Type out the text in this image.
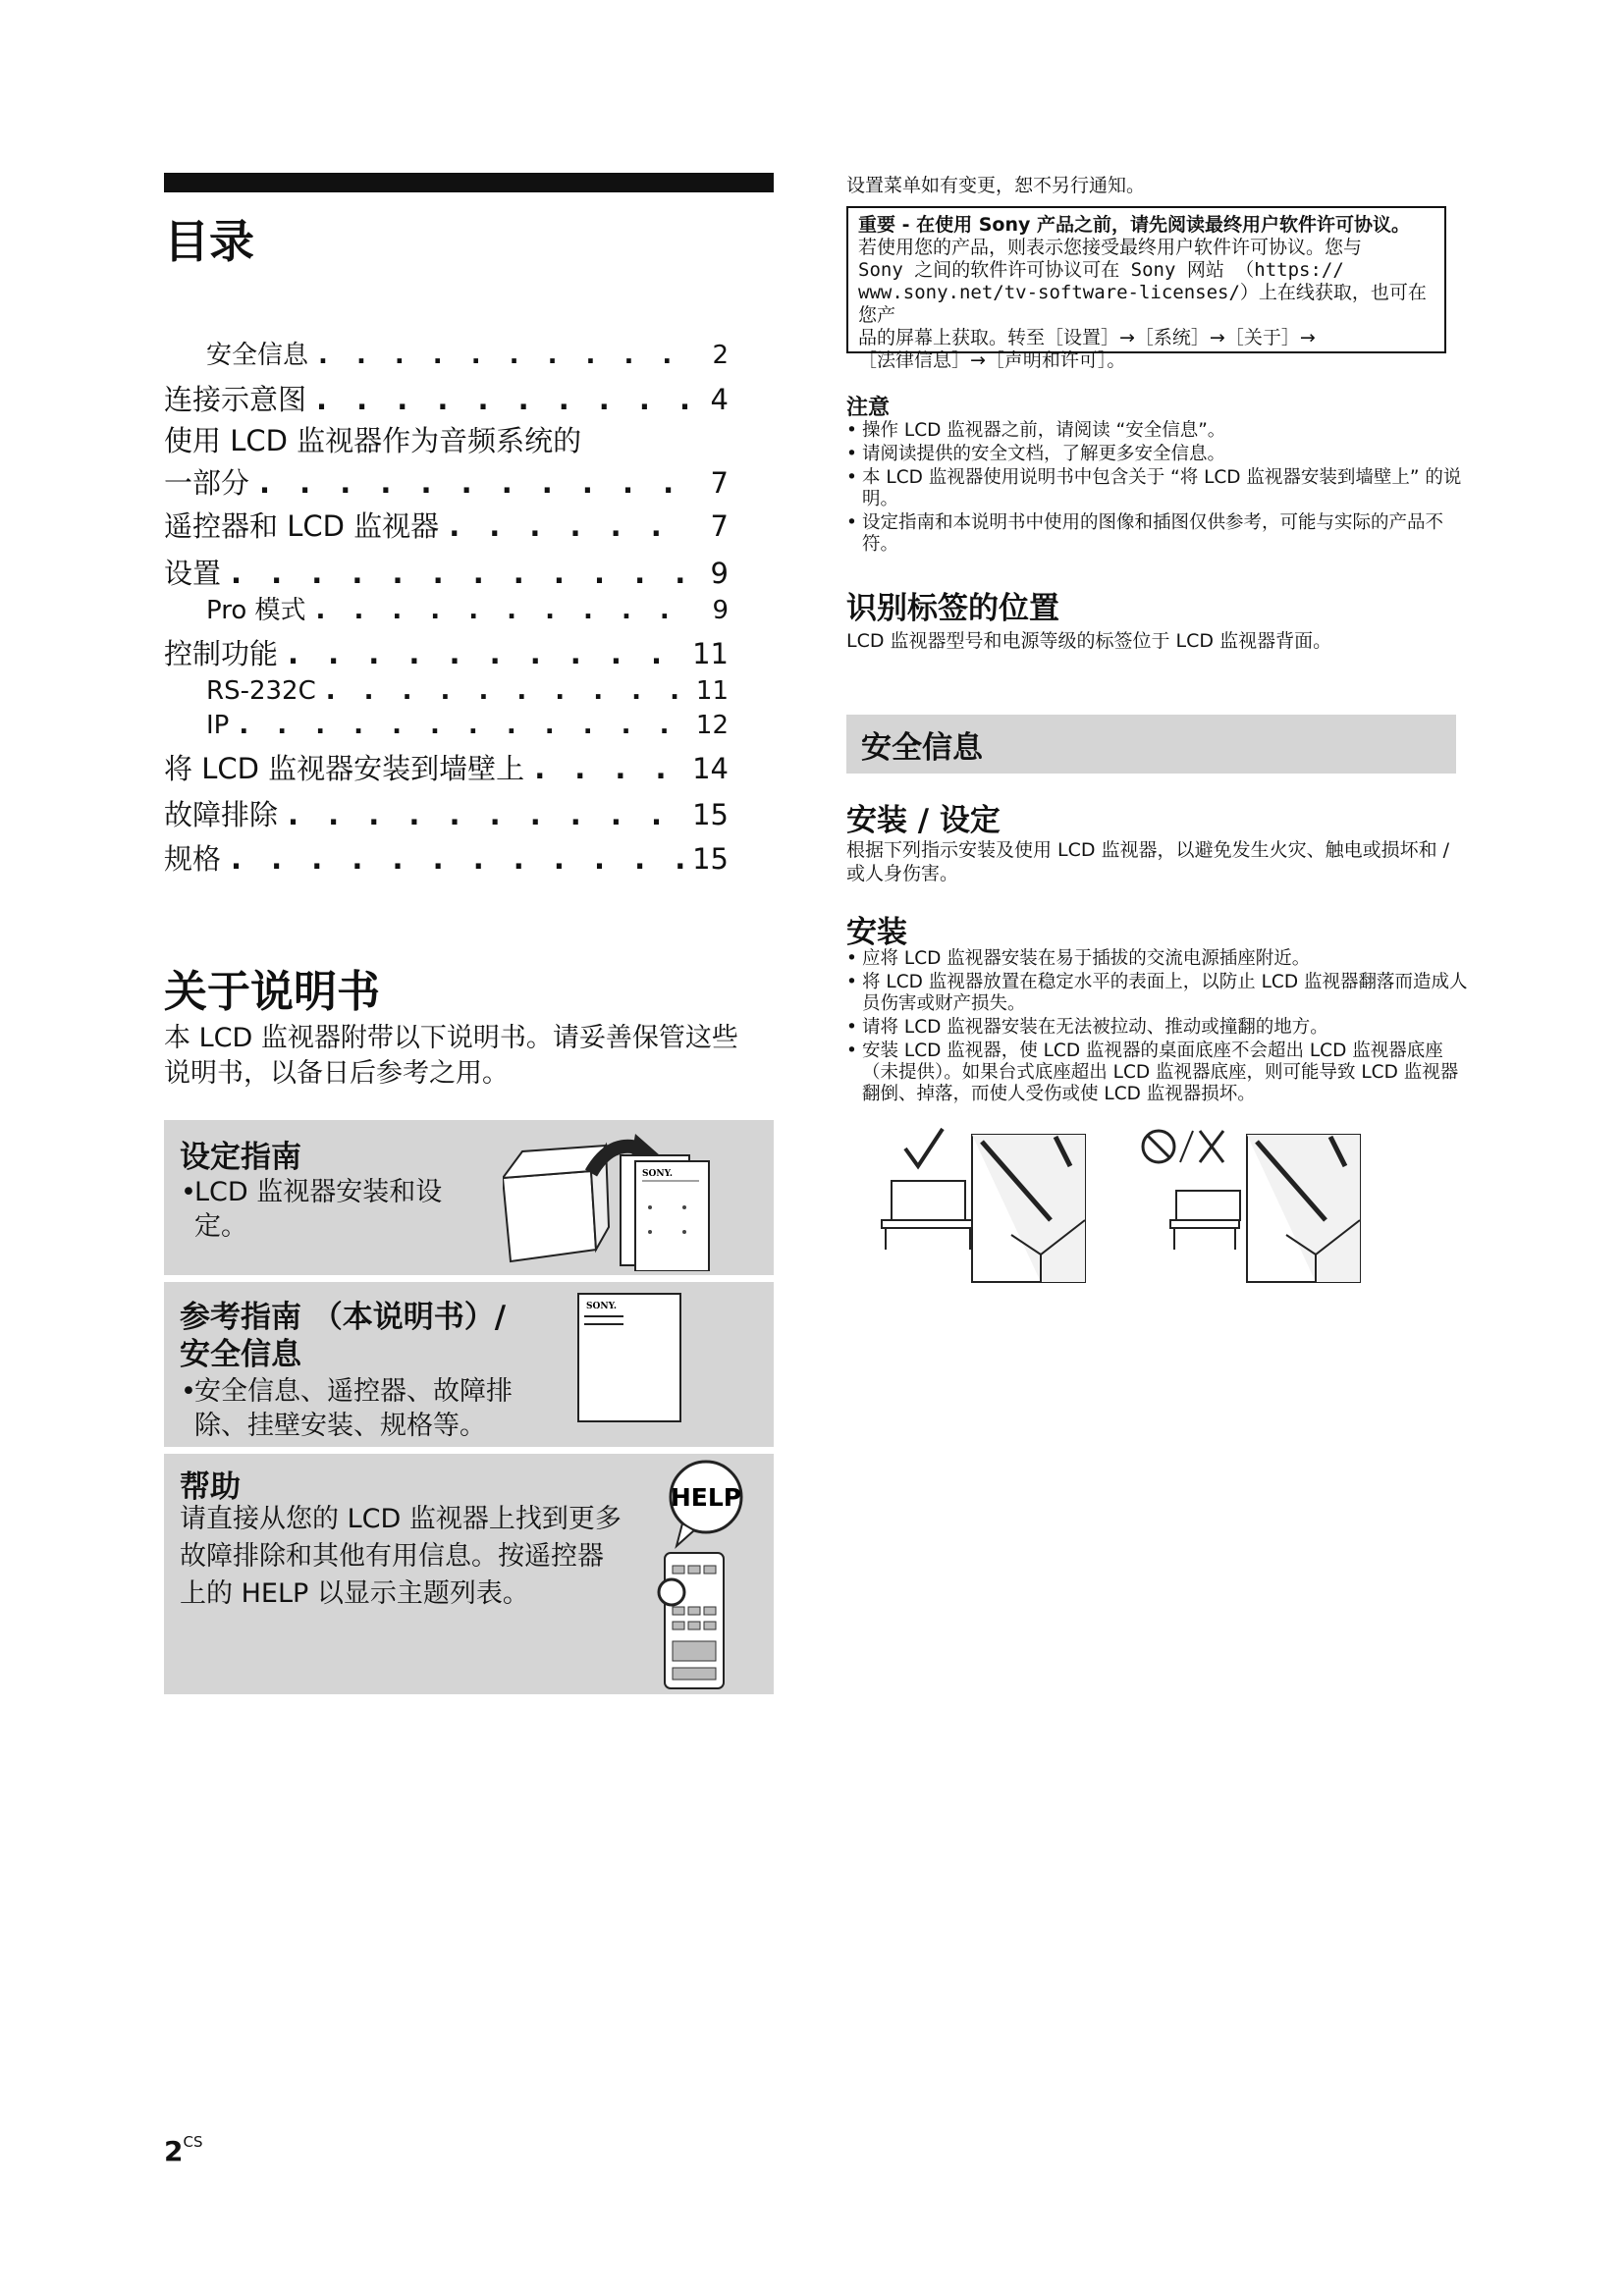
目录
安全信息 . . .	2
连接示意图 . . .	4
使用 LCD 监视器作为音频系统的
一部分 . . .	7
遥控器和 LCD 监视器 . . .	7
设置 . . .	9
Pro 模式 . . .	9
控制功能 . . .	11
RS-232C . . .	11
IP . . .	12
将 LCD 监视器安装到墙壁上 . . .	14
故障排除 . . .	15
规格 . . .	15
关于说明书
本 LCD 监视器附带以下说明书。请妥善保管这些说明书，以备日后参考之用。
设定指南
• LCD 监视器安装和设
定。
SONY.
参考指南 （本说明书）/
安全信息
• 安全信息、遥控器、故障排
除、挂壁安装、规格等。
SONY.
帮助
请直接从您的 LCD 监视器上找到更多
故障排除和其他有用信息。按遥控器
上的 HELP 以显示主题列表。
HELP
设置菜单如有变更，恕不另行通知。
重要 - 在使用 Sony 产品之前，请先阅读最终用户软件许可协议。
若使用您的产品，则表示您接受最终用户软件许可协议。您与
Sony 之间的软件许可协议可在 Sony 网站 （https://
www.sony.net/tv-software-licenses/）上在线获取，也可在您产
品的屏幕上获取。转至［设置］→［系统］→［关于］→
［法律信息］→［声明和许可］。
注意
• 操作 LCD 监视器之前，请阅读 “安全信息”。
• 请阅读提供的安全文档，了解更多安全信息。
• 本 LCD 监视器使用说明书中包含关于 “将 LCD 监视器安装到墙壁上” 的说明。
• 设定指南和本说明书中使用的图像和插图仅供参考，可能与实际的产品不符。
识别标签的位置
LCD 监视器型号和电源等级的标签位于 LCD 监视器背面。
安全信息
安装 / 设定
根据下列指示安装及使用 LCD 监视器，以避免发生火灾、触电或损坏和 / 或人身伤害。
安装
• 应将 LCD 监视器安装在易于插拔的交流电源插座附近。
• 将 LCD 监视器放置在稳定水平的表面上，以防止 LCD 监视器翻落而造成人员伤害或财产损失。
• 请将 LCD 监视器安装在无法被拉动、推动或撞翻的地方。
• 安装 LCD 监视器，使 LCD 监视器的桌面底座不会超出 LCD 监视器底座 （未提供）。如果台式底座超出 LCD 监视器底座，则可能导致 LCD 监视器翻倒、掉落，而使人受伤或使 LCD 监视器损坏。
$2^{CS}$
